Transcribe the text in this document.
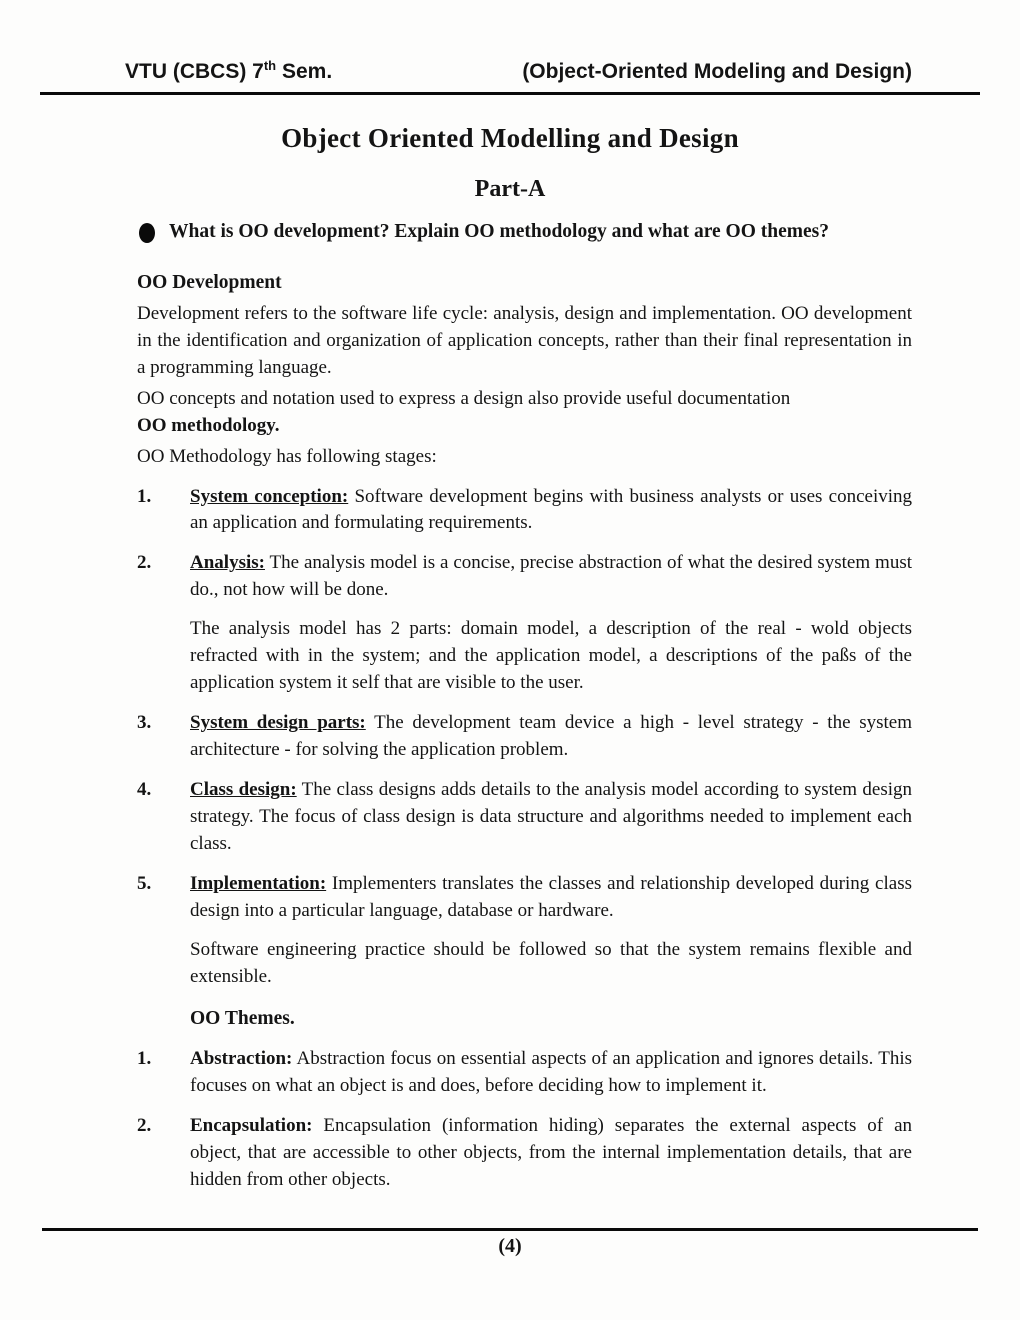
VTU (CBCS) 7th Sem.	(Object-Oriented Modeling and Design)
Object Oriented Modelling and Design
Part-A
What is OO development? Explain OO methodology and what are OO themes?
OO Development

Development refers to the software life cycle: analysis, design and implementation. OO development in the identification and organization of application concepts, rather than their final representation in a programming language.

OO concepts and notation used to express a design also provide useful documentation
OO methodology.

OO Methodology has following stages:

1.	System conception: Software development begins with business analysts or uses conceiving an application and formulating requirements.

2.	Analysis: The analysis model is a concise, precise abstraction of what the desired system must do., not how will be done.

The analysis model has 2 parts: domain model, a description of the real - wold objects refracted with in the system; and the application model, a descriptions of the paßs of the application system it self that are visible to the user.

3.	System design parts: The development team device a high - level strategy - the system architecture - for solving the application problem.

4.	Class design: The class designs adds details to the analysis model according to system design strategy. The focus of class design is data structure and algorithms needed to implement each class.

5.	Implementation: Implementers translates the classes and relationship developed during class design into a particular language, database or hardware.

Software engineering practice should be followed so that the system remains flexible and extensible.

OO Themes.
1.	Abstraction: Abstraction focus on essential aspects of an application and ignores details. This focuses on what an object is and does, before deciding how to implement it.

2.	Encapsulation: Encapsulation (information hiding) separates the external aspects of an object, that are accessible to other objects, from the internal implementation details, that are hidden from other objects.

(4)
